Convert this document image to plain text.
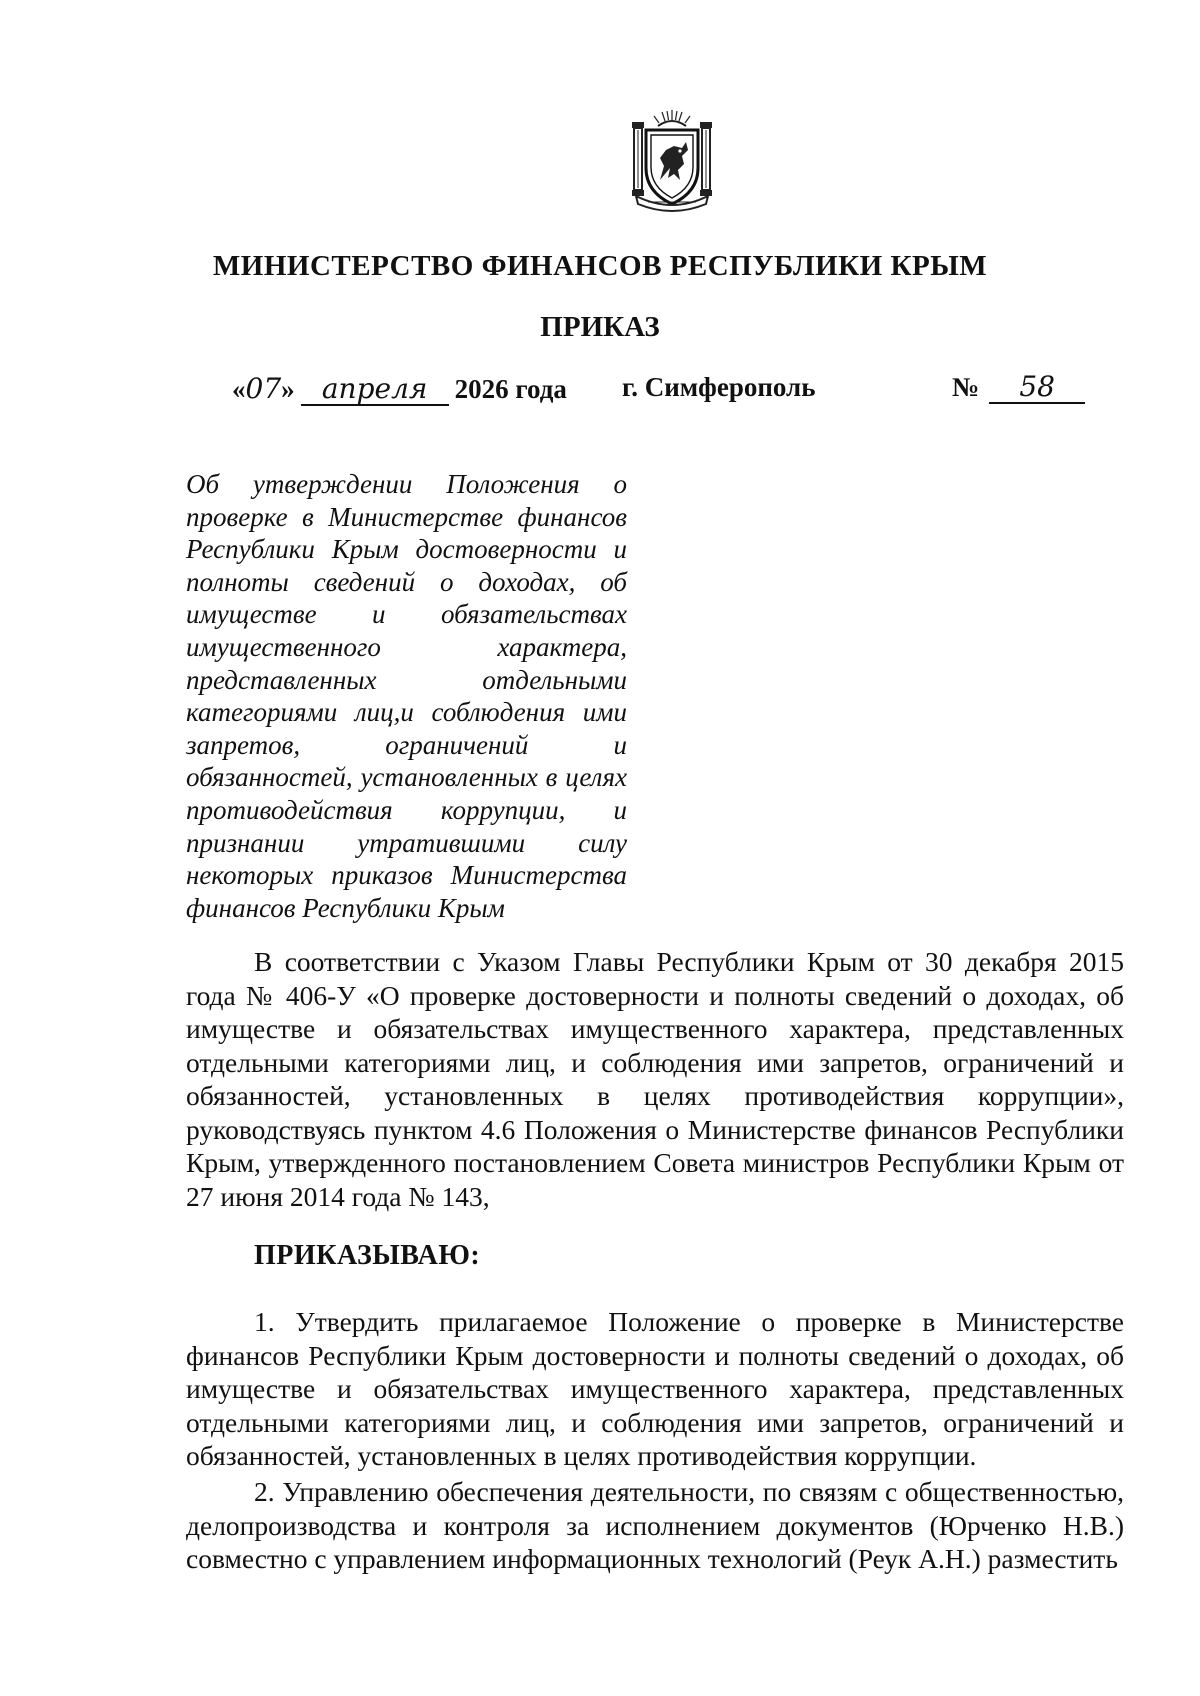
МИНИСТЕРСТВО ФИНАНСОВ РЕСПУБЛИКИ КРЫМ
ПРИКАЗ
«07» апреля 2026 года г. Симферополь	№ 58
Об утверждении Положения о проверке в Министерстве финансов Республики Крым достоверности и полноты сведений о доходах, об имуществе и обязательствах имущественного характера, представленных отдельными категориями лиц,и соблюдения ими запретов, ограничений и обязанностей, установленных в целях противодействия коррупции, и признании утратившими силу некоторых приказов Министерства финансов Республики Крым

В соответствии с Указом Главы Республики Крым от 30 декабря 2015 года № 406-У «О проверке достоверности и полноты сведений о доходах, об имуществе и обязательствах имущественного характера, представленных отдельными категориями лиц, и соблюдения ими запретов, ограничений и обязанностей, установленных в целях противодействия коррупции», руководствуясь пунктом 4.6 Положения о Министерстве финансов Республики Крым, утвержденного постановлением Совета министров Республики Крым от 27 июня 2014 года № 143,

ПРИКАЗЫВАЮ:

1. Утвердить прилагаемое Положение о проверке в Министерстве финансов Республики Крым достоверности и полноты сведений о доходах, об имуществе и обязательствах имущественного характера, представленных отдельными категориями лиц, и соблюдения ими запретов, ограничений и обязанностей, установленных в целях противодействия коррупции.

2. Управлению обеспечения деятельности, по связям с общественностью, делопроизводства и контроля за исполнением документов (Юрченко Н.В.) совместно с управлением информационных технологий (Реук А.Н.) разместить
